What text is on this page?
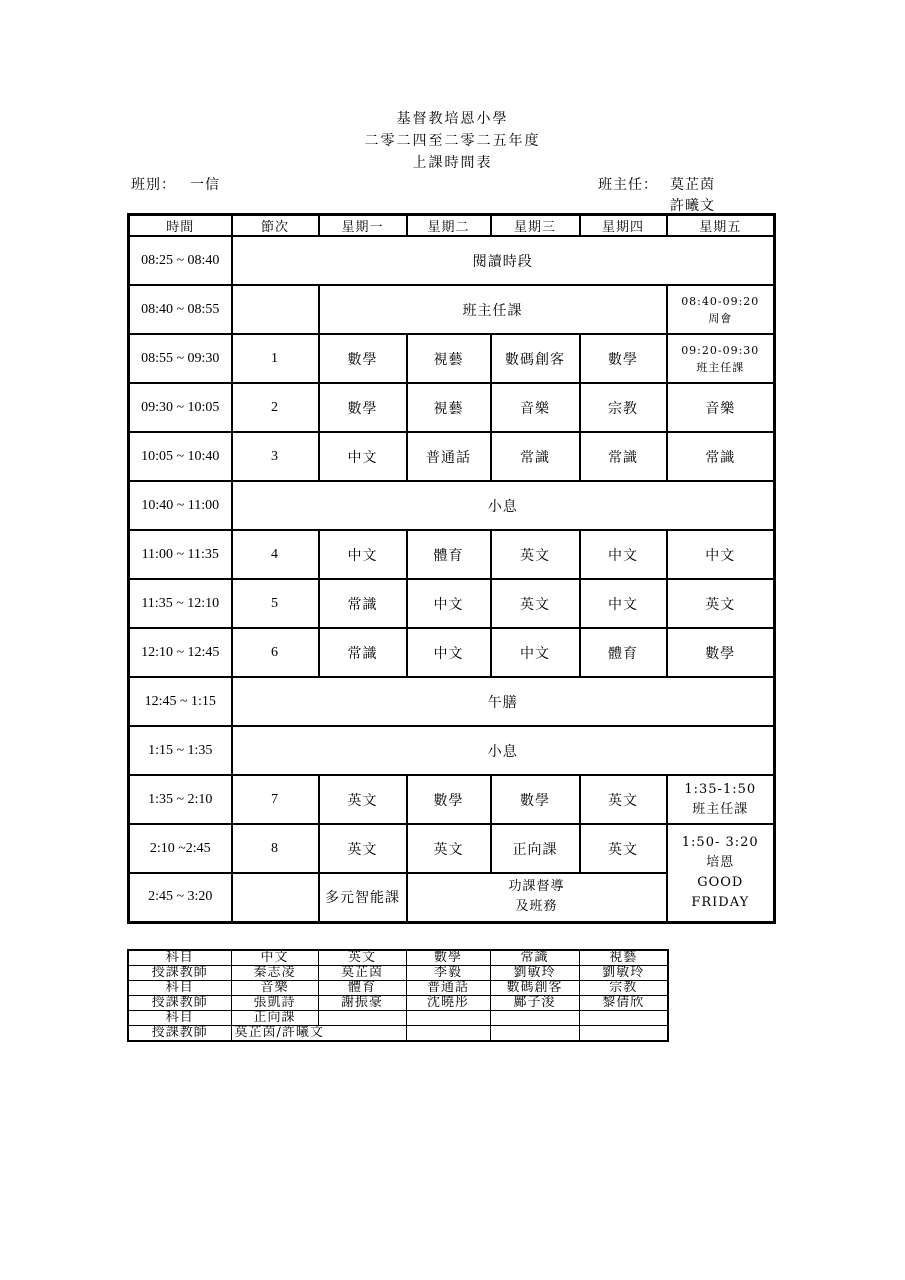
基督教培恩小學
二零二四至二零二五年度
上課時間表
班別： 一信	班主任： 莫芷茵
許曦文
時間	節次	星期一	星期二	星期三	星期四	星期五
08:25 ~ 08:40	閱讀時段					
08:40 ~ 08:55		班主任課				08:40-09:20
周會

08:55 ~ 09:30	1	數學	視藝	數碼創客	數學	09:20-09:30
班主任課

09:30 ~ 10:05	2	數學	視藝	音樂	宗教	音樂
10:05 ~ 10:40	3	中文	普通話	常識	常識	常識
10:40 ~ 11:00	小息					
11:00 ~ 11:35	4	中文	體育	英文	中文	中文
11:35 ~ 12:10	5	常識	中文	英文	中文	英文
12:10 ~ 12:45	6	常識	中文	中文	體育	數學
12:45 ~ 1:15	午膳					
1:15 ~ 1:35	小息					
1:35 ~ 2:10	7	英文	數學	數學	英文	1:35-1:50
班主任課

2:10 ~2:45	8	英文	英文	正向課	英文	1:50- 3:20
培恩
GOOD FRIDAY

2:45 ~ 3:20		多元智能課	功課督導
及班務			
科目	中文	英文	數學	常識	視藝
授課教師	秦志凌	莫芷茵	李毅	劉敏玲	劉敏玲
科目	音樂	體育	普通話	數碼創客	宗教
授課教師	張凱詩	謝振豪	沈曉彤	鄺子浚	黎倩欣
科目	正向課				
授課教師	莫芷茵/許曦文				
